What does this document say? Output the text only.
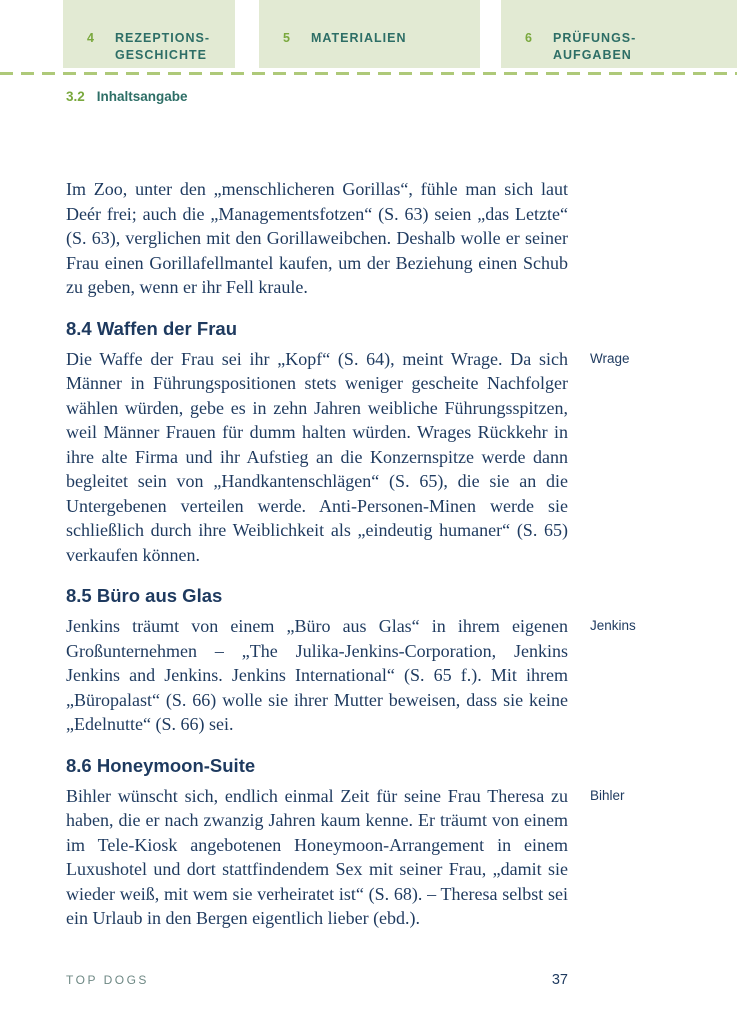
4	REZEPTIONS-
GESCHICHTE
5	MATERIALIEN	6	PRÜFUNGS-
AUFGABEN
3.2 Inhaltsangabe

Im Zoo, unter den „menschlicheren Gorillas“, fühle man sich laut Deér frei; auch die „Managementsfotzen“ (S. 63) seien „das Letzte“ (S. 63), verglichen mit den Gorillaweibchen. Deshalb wolle er seiner Frau einen Gorillafellmantel kaufen, um der Beziehung einen Schub zu geben, wenn er ihr Fell kraule.

8.4 Waffen der Frau

Die Waffe der Frau sei ihr „Kopf“ (S. 64), meint Wrage. Da sich Männer in Führungspositionen stets weniger gescheite Nachfolger wählen würden, gebe es in zehn Jahren weibliche Führungsspitzen, weil Männer Frauen für dumm halten würden. Wrages Rückkehr in ihre alte Firma und ihr Aufstieg an die Konzernspitze werde dann begleitet sein von „Handkantenschlägen“ (S. 65), die sie an die Untergebenen verteilen werde. Anti-Personen-Minen werde sie schließlich durch ihre Weiblichkeit als „eindeutig humaner“ (S. 65) verkaufen können.

Wrage
8.5 Büro aus Glas

Jenkins träumt von einem „Büro aus Glas“ in ihrem eigenen Großunternehmen – „The Julika-Jenkins-Corporation, Jenkins Jenkins and Jenkins. Jenkins International“ (S. 65 f.). Mit ihrem „Büropalast“ (S. 66) wolle sie ihrer Mutter beweisen, dass sie keine „Edelnutte“ (S. 66) sei.

Jenkins
8.6 Honeymoon-Suite

Bihler wünscht sich, endlich einmal Zeit für seine Frau Theresa zu haben, die er nach zwanzig Jahren kaum kenne. Er träumt von einem im Tele-Kiosk angebotenen Honeymoon-Arrangement in einem Luxushotel und dort stattfindendem Sex mit seiner Frau, „damit sie wieder weiß, mit wem sie verheiratet ist“ (S. 68). – Theresa selbst sei ein Urlaub in den Bergen eigentlich lieber (ebd.).

Bihler
TOP DOGS	37
